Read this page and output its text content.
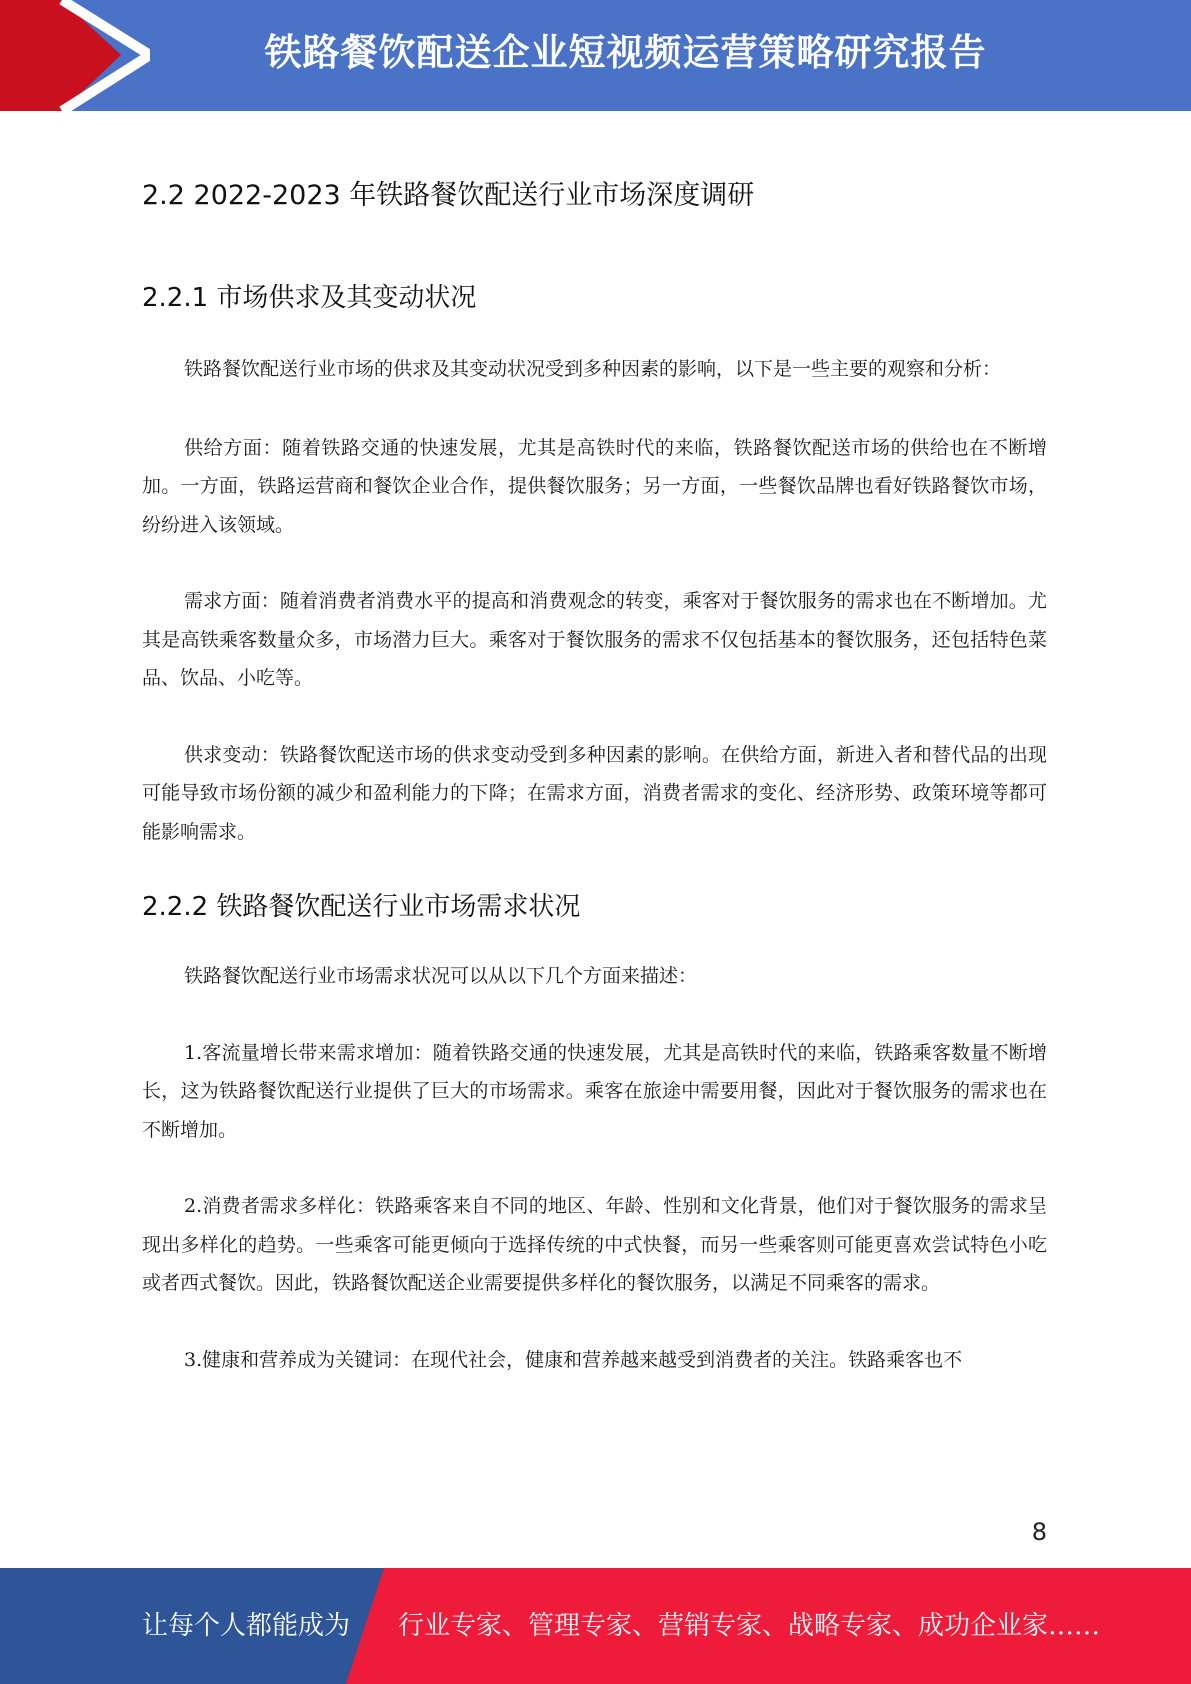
铁路餐饮配送企业短视频运营策略研究报告
2.2 2022-2023 年铁路餐饮配送行业市场深度调研
2.2.1 市场供求及其变动状况

铁路餐饮配送行业市场的供求及其变动状况受到多种因素的影响，以下是一些主要的观察和分析：

供给方面：随着铁路交通的快速发展，尤其是高铁时代的来临，铁路餐饮配送市场的供给也在不断增加。一方面，铁路运营商和餐饮企业合作，提供餐饮服务；另一方面，一些餐饮品牌也看好铁路餐饮市场，纷纷进入该领域。

需求方面：随着消费者消费水平的提高和消费观念的转变，乘客对于餐饮服务的需求也在不断增加。尤其是高铁乘客数量众多，市场潜力巨大。乘客对于餐饮服务的需求不仅包括基本的餐饮服务，还包括特色菜品、饮品、小吃等。

供求变动：铁路餐饮配送市场的供求变动受到多种因素的影响。在供给方面，新进入者和替代品的出现可能导致市场份额的减少和盈利能力的下降；在需求方面，消费者需求的变化、经济形势、政策环境等都可能影响需求。

2.2.2 铁路餐饮配送行业市场需求状况

铁路餐饮配送行业市场需求状况可以从以下几个方面来描述：

1.客流量增长带来需求增加：随着铁路交通的快速发展，尤其是高铁时代的来临，铁路乘客数量不断增长，这为铁路餐饮配送行业提供了巨大的市场需求。乘客在旅途中需要用餐，因此对于餐饮服务的需求也在不断增加。

2.消费者需求多样化：铁路乘客来自不同的地区、年龄、性别和文化背景，他们对于餐饮服务的需求呈现出多样化的趋势。一些乘客可能更倾向于选择传统的中式快餐，而另一些乘客则可能更喜欢尝试特色小吃或者西式餐饮。因此，铁路餐饮配送企业需要提供多样化的餐饮服务，以满足不同乘客的需求。

3.健康和营养成为关键词：在现代社会，健康和营养越来越受到消费者的关注。铁路乘客也不

8
让每个人都能成为 行业专家、管理专家、营销专家、战略专家、成功企业家……
